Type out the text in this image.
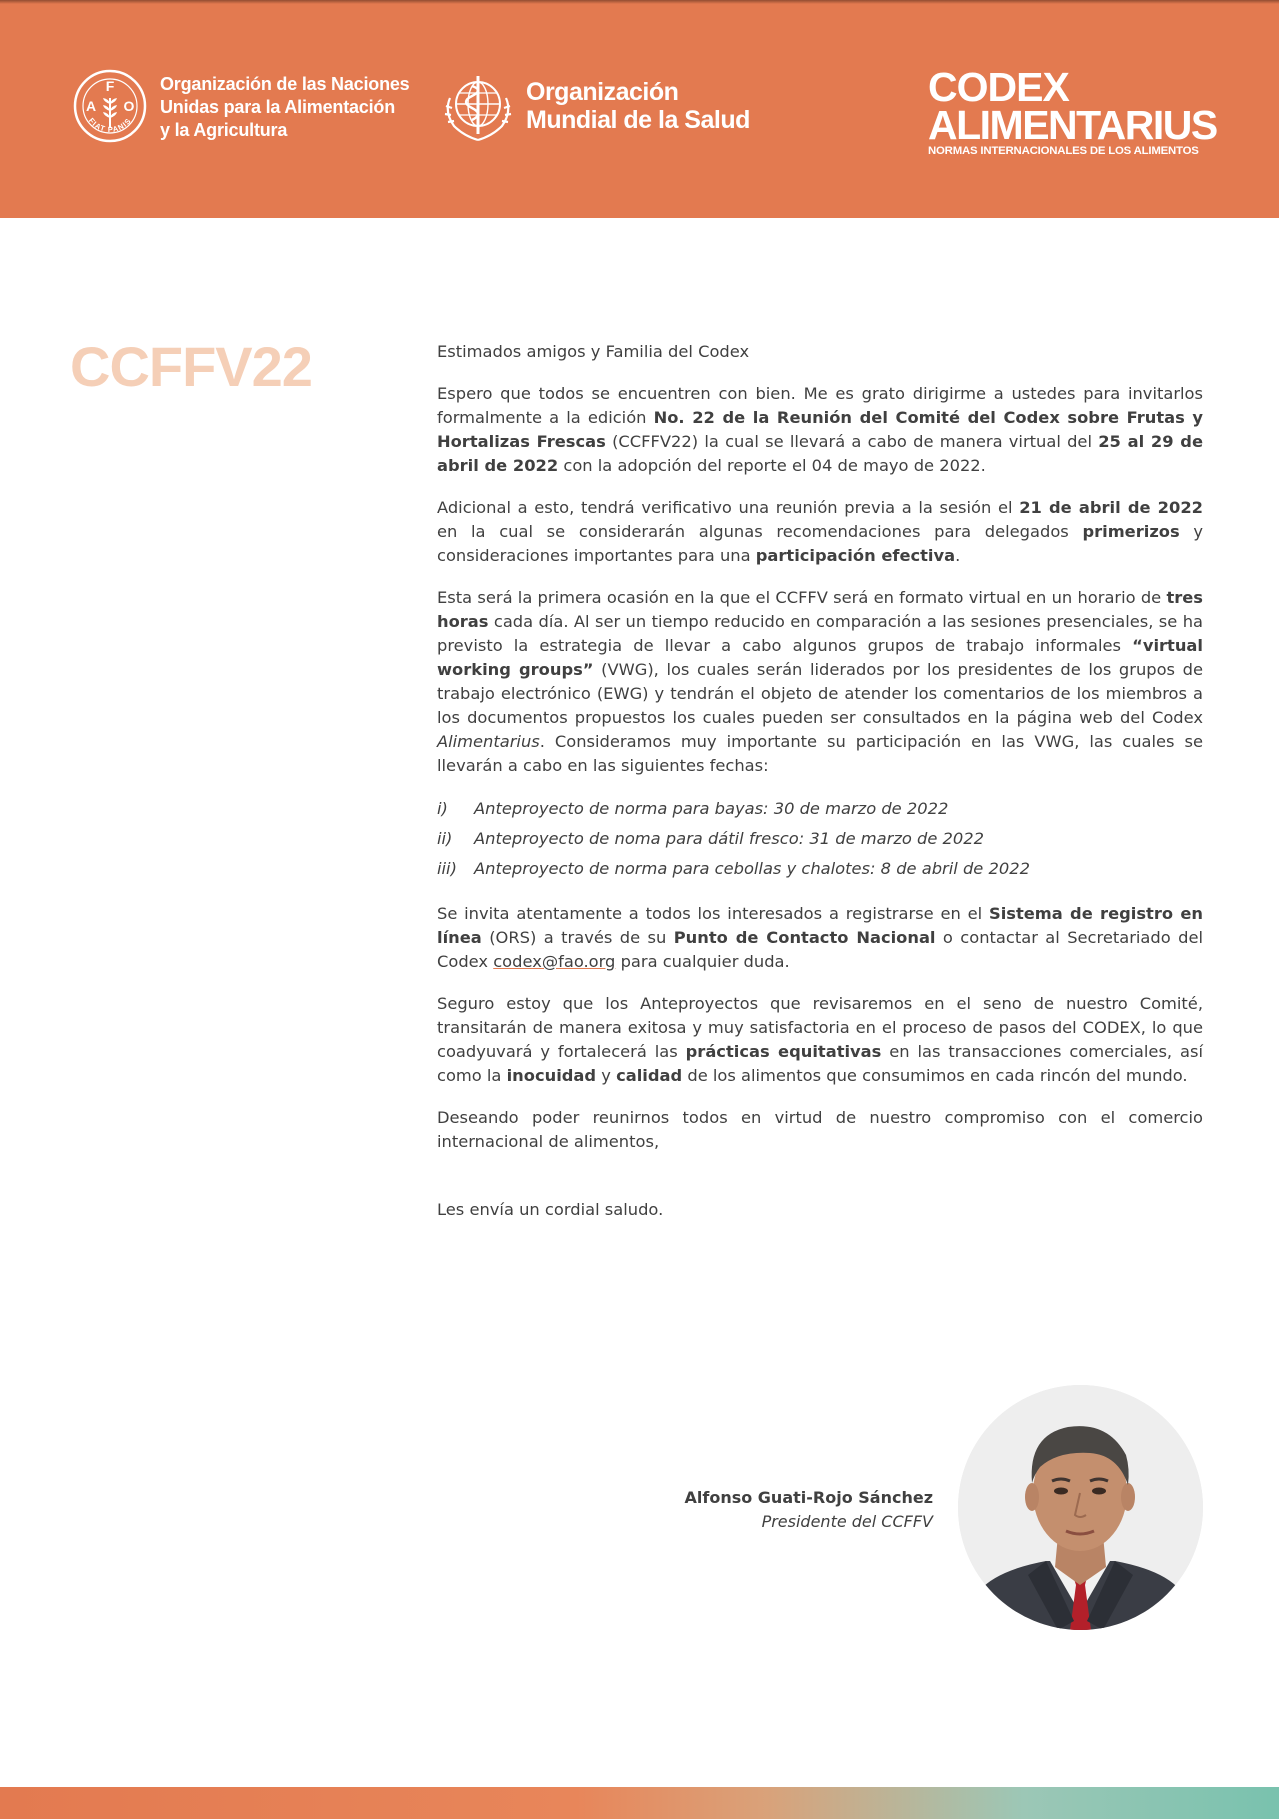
F
A O
FIAT PANIS
Organización de las Naciones
Unidas para la Alimentación
y la Agricultura
Organización
Mundial de la Salud
CODEX
ALIMENTARIUS
NORMAS INTERNACIONALES DE LOS ALIMENTOS
CCFFV22	Estimados amigos y Familia del Codex

Espero que todos se encuentren con bien. Me es grato dirigirme a ustedes para invitarlos formalmente a la edición No. 22 de la Reunión del Comité del Codex sobre Frutas y Hortalizas Frescas (CCFFV22) la cual se llevará a cabo de manera virtual del 25 al 29 de abril de 2022 con la adopción del reporte el 04 de mayo de 2022.

Adicional a esto, tendrá verificativo una reunión previa a la sesión el 21 de abril de 2022 en la cual se considerarán algunas recomendaciones para delegados primerizos y consideraciones importantes para una participación efectiva.

Esta será la primera ocasión en la que el CCFFV será en formato virtual en un horario de tres horas cada día. Al ser un tiempo reducido en comparación a las sesiones presenciales, se ha previsto la estrategia de llevar a cabo algunos grupos de trabajo informales “virtual working groups” (VWG), los cuales serán liderados por los presidentes de los grupos de trabajo electrónico (EWG) y tendrán el objeto de atender los comentarios de los miembros a los documentos propuestos los cuales pueden ser consultados en la página web del Codex Alimentarius. Consideramos muy importante su participación en las VWG, las cuales se llevarán a cabo en las siguientes fechas:

i)	Anteproyecto de norma para bayas: 30 de marzo de 2022
ii)	Anteproyecto de noma para dátil fresco: 31 de marzo de 2022
iii)	Anteproyecto de norma para cebollas y chalotes: 8 de abril de 2022

Se invita atentamente a todos los interesados a registrarse en el Sistema de registro en línea (ORS) a través de su Punto de Contacto Nacional o contactar al Secretariado del Codex codex@fao.org para cualquier duda.

Seguro estoy que los Anteproyectos que revisaremos en el seno de nuestro Comité, transitarán de manera exitosa y muy satisfactoria en el proceso de pasos del CODEX, lo que coadyuvará y fortalecerá las prácticas equitativas en las transacciones comerciales, así como la inocuidad y calidad de los alimentos que consumimos en cada rincón del mundo.

Deseando poder reunirnos todos en virtud de nuestro compromiso con el comercio internacional de alimentos,

Les envía un cordial saludo.

Alfonso Guati-Rojo Sánchez
Presidente del CCFFV
